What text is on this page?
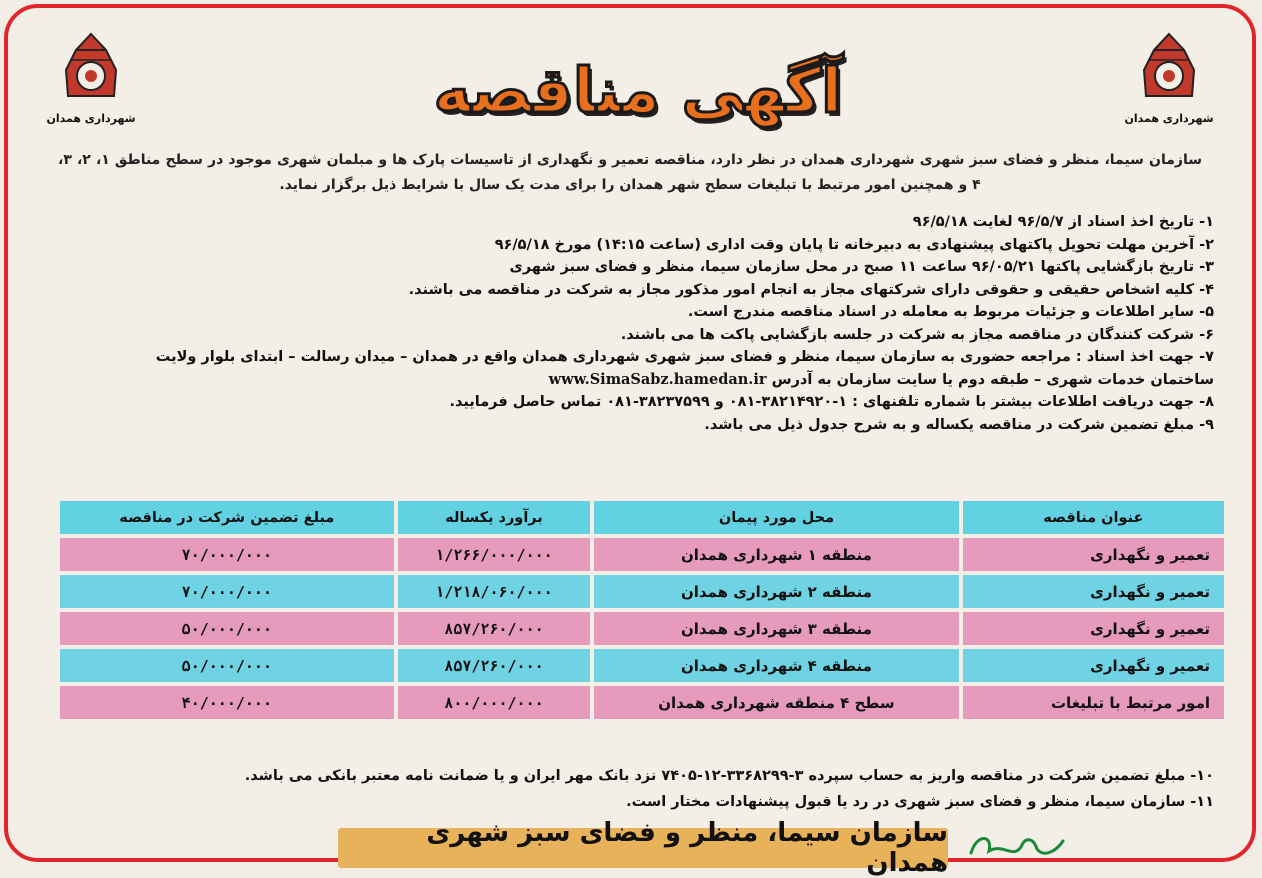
شهرداری همدان
شهرداری همدان	آگهی مناقصه
سازمان سیما، منظر و فضای سبز شهری شهرداری همدان در نظر دارد، مناقصه تعمیر و نگهداری از تاسیسات پارک ها و مبلمان شهری موجود در سطح مناطق ۱، ۲، ۳، ۴ و همچنین امور مرتبط با تبلیغات سطح شهر همدان را برای مدت یک سال با شرایط ذیل برگزار نماید.
۱- تاریخ اخذ اسناد از ۹۶/۵/۷ لغایت ۹۶/۵/۱۸
۲- آخرین مهلت تحویل پاکتهای پیشنهادی به دبیرخانه تا پایان وقت اداری (ساعت ۱۴:۱۵) مورخ ۹۶/۵/۱۸
۳- تاریخ بازگشایی پاکتها ۹۶/۰۵/۲۱ ساعت ۱۱ صبح در محل سازمان سیما، منظر و فضای سبز شهری
۴- کلیه اشخاص حقیقی و حقوقی دارای شرکتهای مجاز به انجام امور مذکور مجاز به شرکت در مناقصه می باشند.
۵- سایر اطلاعات و جزئیات مربوط به معامله در اسناد مناقصه مندرج است.
۶- شرکت کنندگان در مناقصه مجاز به شرکت در جلسه بازگشایی پاکت ها می باشند.
۷- جهت اخذ اسناد : مراجعه حضوری به سازمان سیما، منظر و فضای سبز شهری شهرداری همدان واقع در همدان – میدان رسالت – ابتدای بلوار ولایت
ساختمان خدمات شهری – طبقه دوم یا سایت سازمان به آدرس www.SimaSabz.hamedan.ir
۸- جهت دریافت اطلاعات بیشتر با شماره تلفنهای : ۱-۳۸۲۱۴۹۲۰-۰۸۱ و ۳۸۲۳۷۵۹۹-۰۸۱ تماس حاصل فرمایید.
۹- مبلغ تضمین شرکت در مناقصه یکساله و به شرح جدول ذیل می باشد.
عنوان مناقصه	محل مورد پیمان	برآورد یکساله	مبلغ تضمین شرکت در مناقصه
تعمیر و نگهداری	منطقه ۱ شهرداری همدان	۱/۲۶۶/۰۰۰/۰۰۰	۷۰/۰۰۰/۰۰۰
تعمیر و نگهداری	منطقه ۲ شهرداری همدان	۱/۲۱۸/۰۶۰/۰۰۰	۷۰/۰۰۰/۰۰۰
تعمیر و نگهداری	منطقه ۳ شهرداری همدان	۸۵۷/۲۶۰/۰۰۰	۵۰/۰۰۰/۰۰۰
تعمیر و نگهداری	منطقه ۴ شهرداری همدان	۸۵۷/۲۶۰/۰۰۰	۵۰/۰۰۰/۰۰۰
امور مرتبط با تبلیغات	سطح ۴ منطقه شهرداری همدان	۸۰۰/۰۰۰/۰۰۰	۴۰/۰۰۰/۰۰۰
۱۰- مبلغ تضمین شرکت در مناقصه واریز به حساب سپرده ۳-۳۳۶۸۲۹۹-۱۲-۷۴۰۵ نزد بانک مهر ایران و یا ضمانت نامه معتبر بانکی می باشد.
۱۱- سازمان سیما، منظر و فضای سبز شهری در رد یا قبول پیشنهادات مختار است.
سازمان سیما، منظر و فضای سبز شهری همدان
